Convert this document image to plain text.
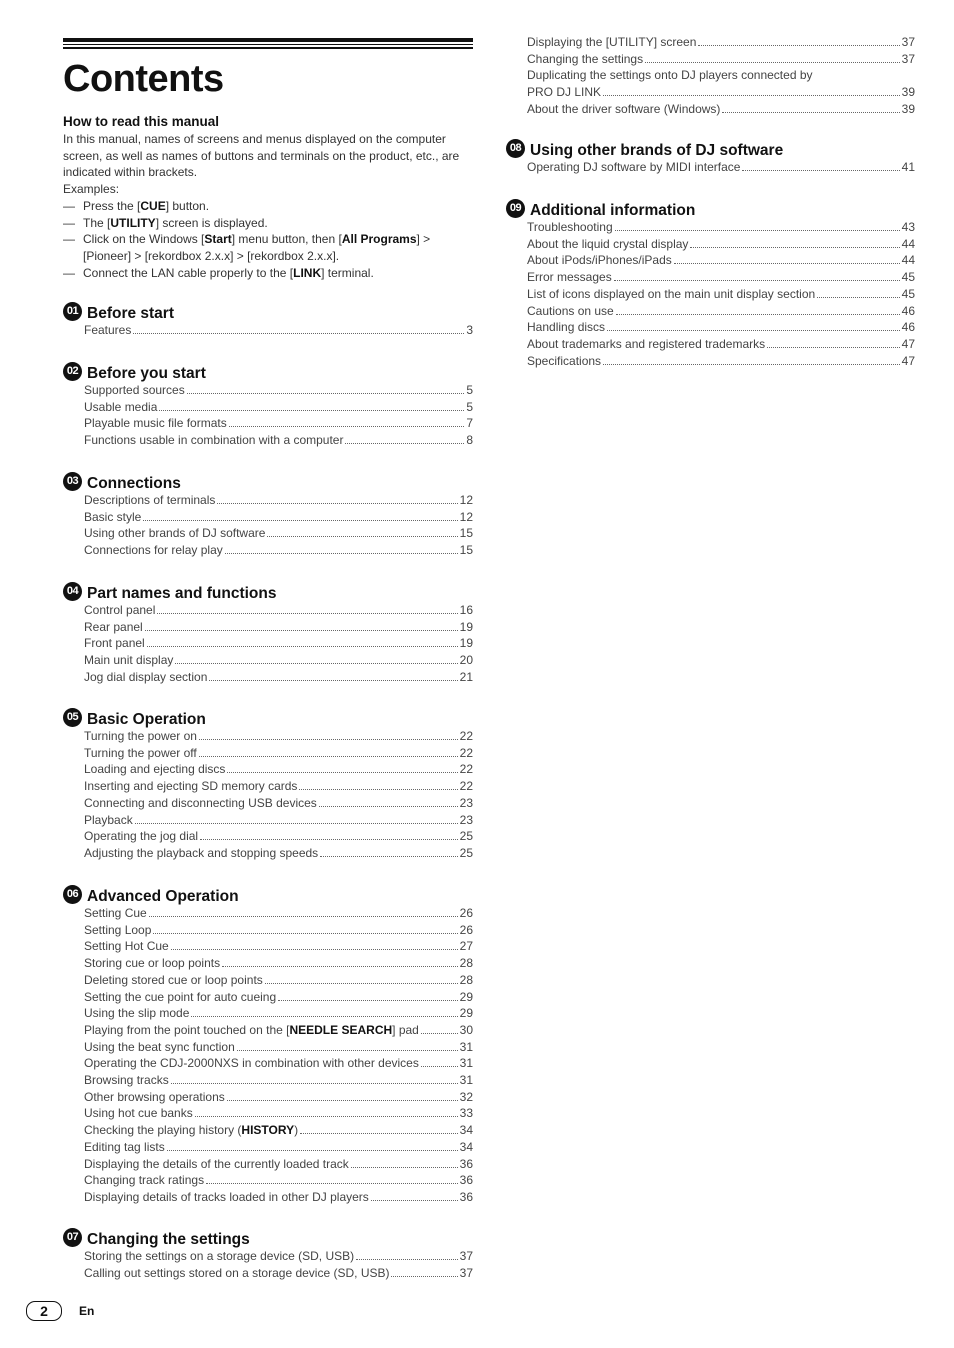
Contents
How to read this manual

In this manual, names of screens and menus displayed on the computer screen, as well as names of buttons and terminals on the product, etc., are indicated within brackets.

Examples:

— Press the [CUE] button.
— The [UTILITY] screen is displayed.
— Click on the Windows [Start] menu button, then [All Programs] > [Pioneer] > [rekordbox 2.x.x] > [rekordbox 2.x.x].
— Connect the LAN cable properly to the [LINK] terminal.
01 Before start
Features	3
02 Before you start
Supported sources	5
Usable media	5
Playable music file formats	7
Functions usable in combination with a computer	8
03 Connections
Descriptions of terminals	12
Basic style	12
Using other brands of DJ software	15
Connections for relay play	15
04 Part names and functions
Control panel	16
Rear panel	19
Front panel	19
Main unit display	20
Jog dial display section	21
05 Basic Operation
Turning the power on	22
Turning the power off	22
Loading and ejecting discs	22
Inserting and ejecting SD memory cards	22
Connecting and disconnecting USB devices	23
Playback	23
Operating the jog dial	25
Adjusting the playback and stopping speeds	25
06 Advanced Operation
Setting Cue	26
Setting Loop	26
Setting Hot Cue	27
Storing cue or loop points	28
Deleting stored cue or loop points	28
Setting the cue point for auto cueing	29
Using the slip mode	29
Playing from the point touched on the [NEEDLE SEARCH] pad	30
Using the beat sync function	31
Operating the CDJ-2000NXS in combination with other devices	31
Browsing tracks	31
Other browsing operations	32
Using hot cue banks	33
Checking the playing history (HISTORY)	34
Editing tag lists	34
Displaying the details of the currently loaded track	36
Changing track ratings	36
Displaying details of tracks loaded in other DJ players	36
07 Changing the settings
Storing the settings on a storage device (SD, USB)	37
Calling out settings stored on a storage device (SD, USB)	37
Displaying the [UTILITY] screen	37
Changing the settings	37
Duplicating the settings onto DJ players connected by
PRO DJ LINK	39
About the driver software (Windows)	39
08 Using other brands of DJ software
Operating DJ software by MIDI interface	41
09 Additional information
Troubleshooting	43
About the liquid crystal display	44
About iPods/iPhones/iPads	44
Error messages	45
List of icons displayed on the main unit display section	45
Cautions on use	46
Handling discs	46
About trademarks and registered trademarks	47
Specifications	47
2	En
